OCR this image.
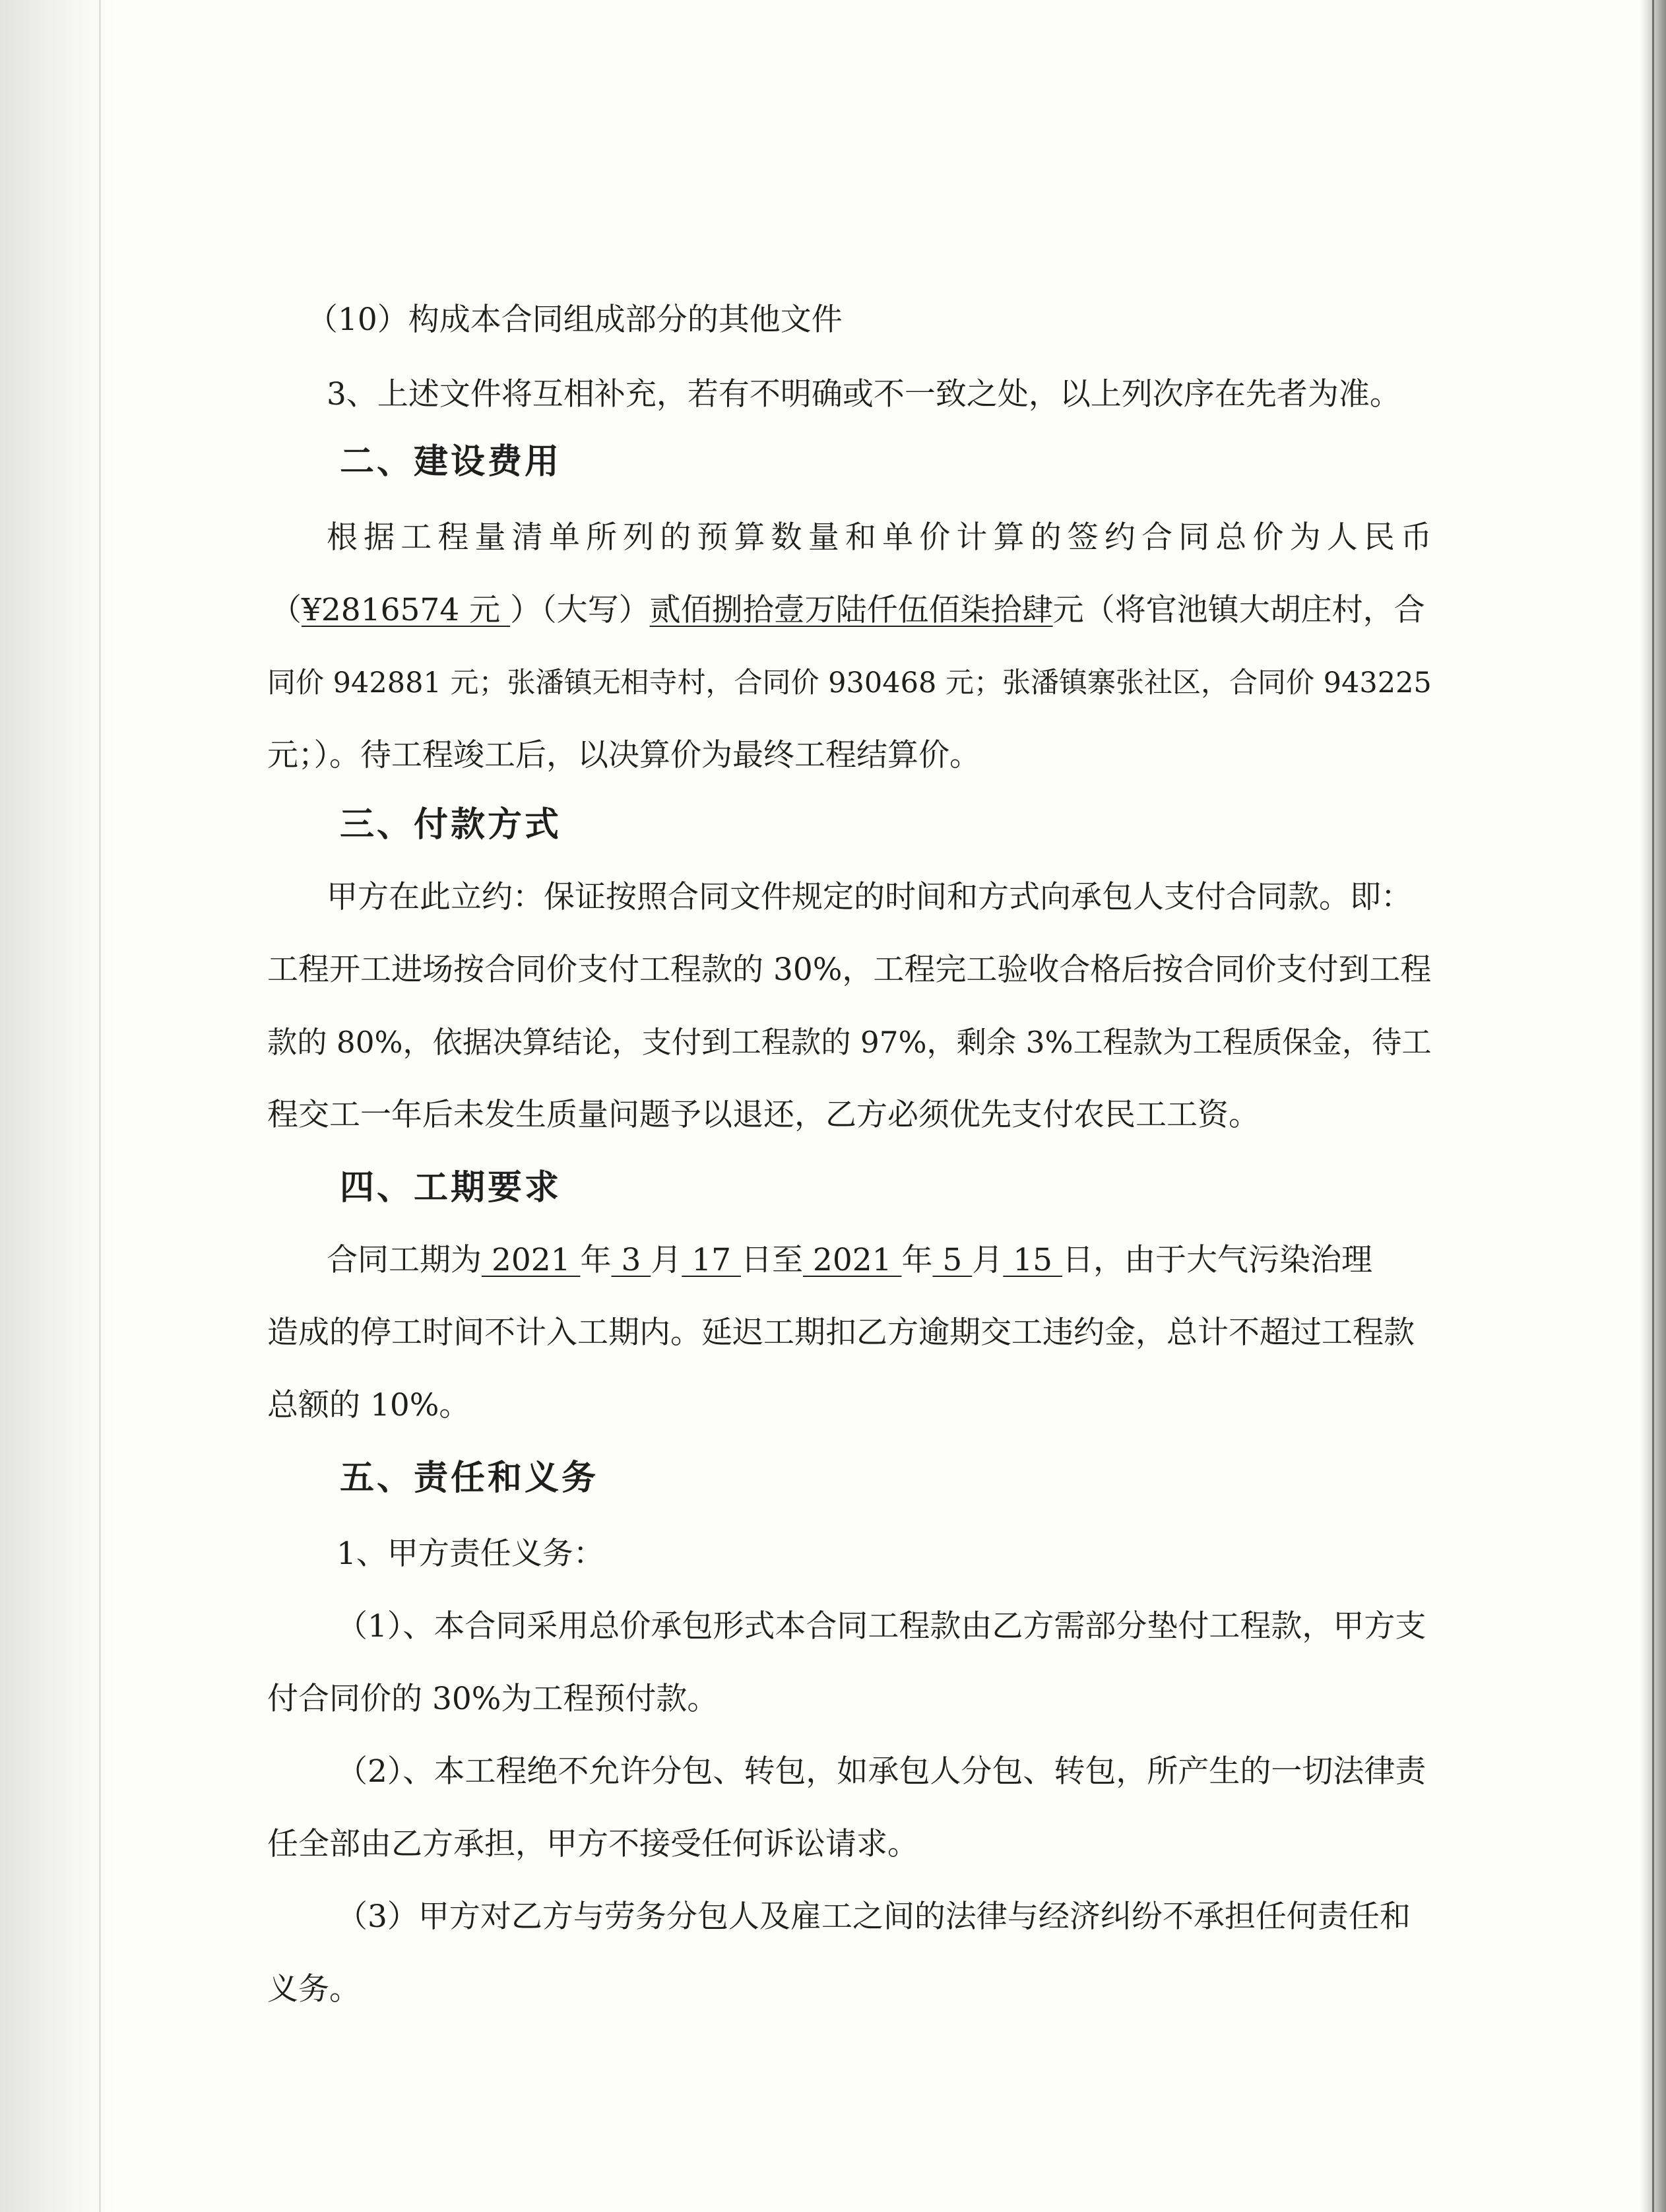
（10）构成本合同组成部分的其他文件
3、上述文件将互相补充，若有不明确或不一致之处，以上列次序在先者为准。
二、建设费用
根据工程量清单所列的预算数量和单价计算的签约合同总价为人民币
（¥2816574 元 ）（大写）贰佰捌拾壹万陆仟伍佰柒拾肆元（将官池镇大胡庄村，合
同价 942881 元；张潘镇无相寺村，合同价 930468 元；张潘镇寨张社区，合同价 943225
元；）。待工程竣工后，以决算价为最终工程结算价。
三、付款方式
甲方在此立约：保证按照合同文件规定的时间和方式向承包人支付合同款。即：
工程开工进场按合同价支付工程款的 30%，工程完工验收合格后按合同价支付到工程
款的 80%，依据决算结论，支付到工程款的 97%，剩余 3%工程款为工程质保金，待工
程交工一年后未发生质量问题予以退还，乙方必须优先支付农民工工资。
四、工期要求
合同工期为 2021 年 3 月 17 日至 2021 年 5 月 15 日，由于大气污染治理
造成的停工时间不计入工期内。延迟工期扣乙方逾期交工违约金，总计不超过工程款
总额的 10%。
五、责任和义务
1、甲方责任义务：
（1）、本合同采用总价承包形式本合同工程款由乙方需部分垫付工程款，甲方支
付合同价的 30%为工程预付款。
（2）、本工程绝不允许分包、转包，如承包人分包、转包，所产生的一切法律责
任全部由乙方承担，甲方不接受任何诉讼请求。
（3）甲方对乙方与劳务分包人及雇工之间的法律与经济纠纷不承担任何责任和
义务。
